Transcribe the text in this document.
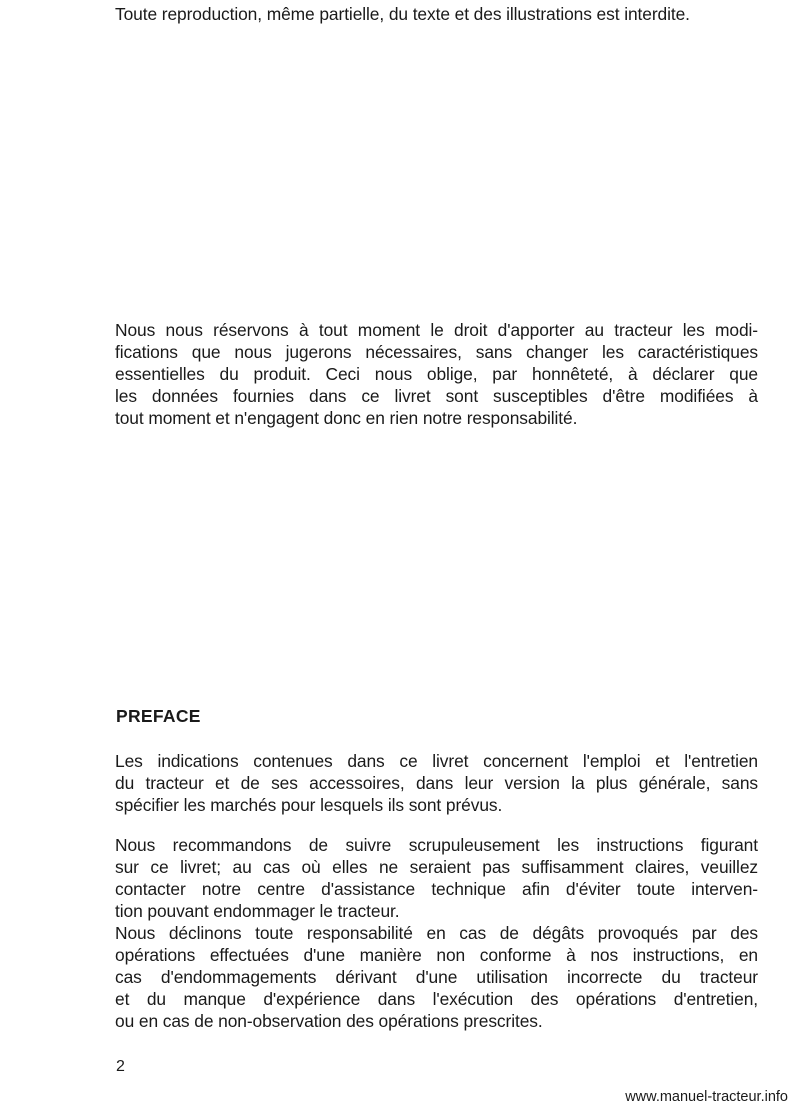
Toute reproduction, même partielle, du texte et des illustrations est interdite.
Nous nous réservons à tout moment le droit d'apporter au tracteur les modi-
fications que nous jugerons nécessaires, sans changer les caractéristiques
essentielles du produit. Ceci nous oblige, par honnêteté, à déclarer que
les données fournies dans ce livret sont susceptibles d'être modifiées à
tout moment et n'engagent donc en rien notre responsabilité.
PREFACE
Les indications contenues dans ce livret concernent l'emploi et l'entretien
du tracteur et de ses accessoires, dans leur version la plus générale, sans
spécifier les marchés pour lesquels ils sont prévus.
Nous recommandons de suivre scrupuleusement les instructions figurant
sur ce livret; au cas où elles ne seraient pas suffisamment claires, veuillez
contacter notre centre d'assistance technique afin d'éviter toute interven-
tion pouvant endommager le tracteur.
Nous déclinons toute responsabilité en cas de dégâts provoqués par des
opérations effectuées d'une manière non conforme à nos instructions, en
cas d'endommagements dérivant d'une utilisation incorrecte du tracteur
et du manque d'expérience dans l'exécution des opérations d'entretien,
ou en cas de non-observation des opérations prescrites.
2
www.manuel-tracteur.info
